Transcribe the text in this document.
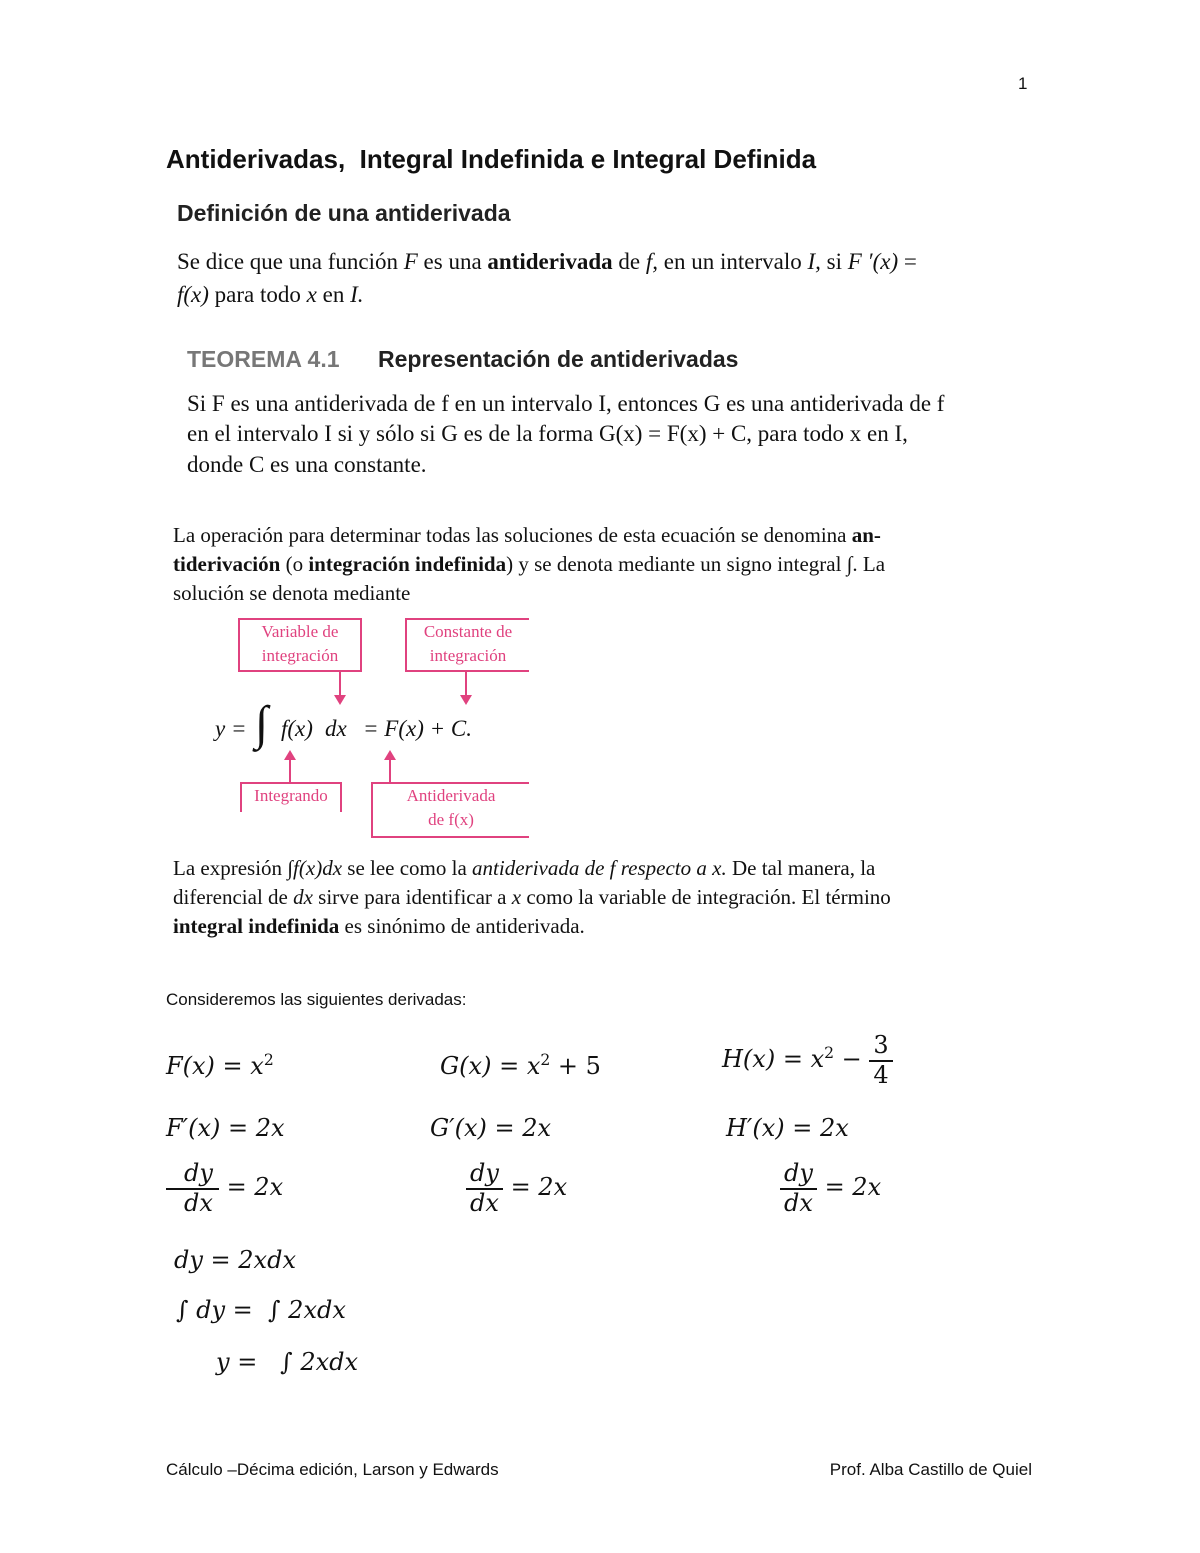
1
Antiderivadas,  Integral Indefinida e Integral Definida
Definición de una antiderivada
Se dice que una función F es una antiderivada de f, en un intervalo I, si F ′(x) =
f(x) para todo x en I.
TEOREMA 4.1 Representación de antiderivadas
Si F es una antiderivada de f en un intervalo I, entonces G es una antiderivada de f
en el intervalo I si y sólo si G es de la forma G(x) = F(x) + C, para todo x en I,
donde C es una constante.
La operación para determinar todas las soluciones de esta ecuación se denomina an-
tiderivación (o integración indefinida) y se denota mediante un signo integral ∫. La
solución se denota mediante
Variable de
integración
Constante de
integración
y = ∫ f(x) dx = F(x) + C.
Integrando	Antiderivada
de f(x)
La expresión ∫f(x)dx se lee como la antiderivada de f respecto a x. De tal manera, la
diferencial de dx sirve para identificar a x como la variable de integración. El término
integral indefinida es sinónimo de antiderivada.
Consideremos las siguientes derivadas:
$F(x) = x^2$
F′(x) = 2x
$\frac{dy}{dx} = 2x$
$G(x) = x^2 + 5$
G′(x) = 2x
$\frac{dy}{dx} = 2x$
$H(x) = x^2 - \frac{3}{4}$
H′(x) = 2x
$\frac{dy}{dx} = 2x$
dy = 2xdx
∫ dy =  ∫ 2xdx
y =   ∫ 2xdx
Cálculo –Décima edición, Larson y Edwards	Prof. Alba Castillo de Quiel
